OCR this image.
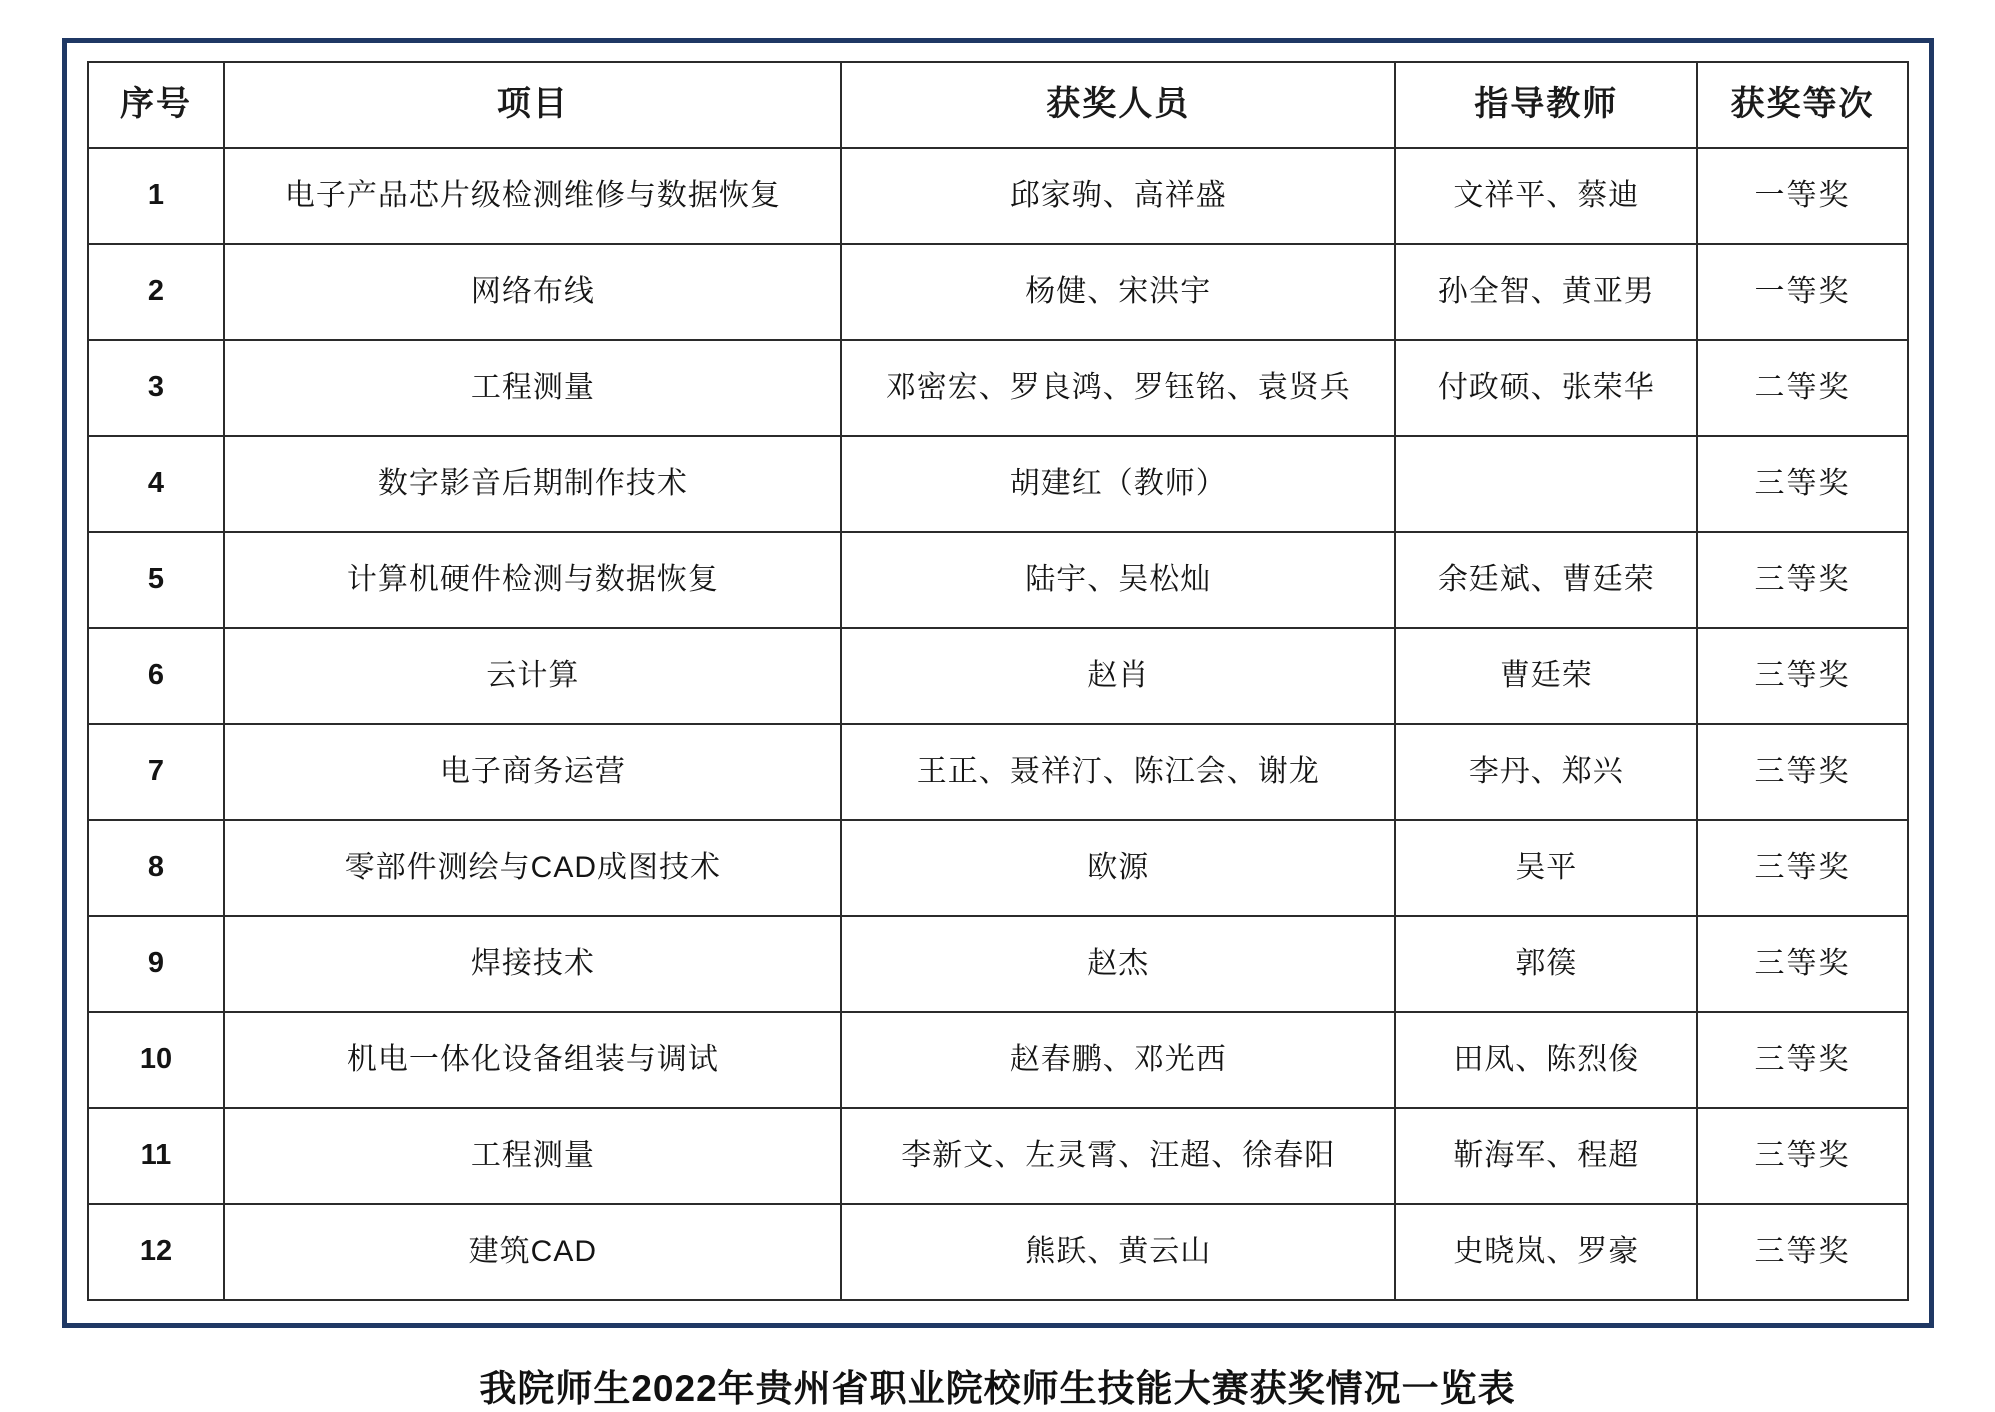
序号	项目	获奖人员	指导教师	获奖等次
1	电子产品芯片级检测维修与数据恢复	邱家驹、高祥盛	文祥平、蔡迪	一等奖
2	网络布线	杨健、宋洪宇	孙全智、黄亚男	一等奖
3	工程测量	邓密宏、罗良鸿、罗钰铭、袁贤兵	付政硕、张荣华	二等奖
4	数字影音后期制作技术	胡建红（教师）		三等奖
5	计算机硬件检测与数据恢复	陆宇、吴松灿	余廷斌、曹廷荣	三等奖
6	云计算	赵肖	曹廷荣	三等奖
7	电子商务运营	王正、聂祥汀、陈江会、谢龙	李丹、郑兴	三等奖
8	零部件测绘与CAD成图技术	欧源	吴平	三等奖
9	焊接技术	赵杰	郭篌	三等奖
10	机电一体化设备组装与调试	赵春鹏、邓光西	田凤、陈烈俊	三等奖
11	工程测量	李新文、左灵霄、汪超、徐春阳	靳海军、程超	三等奖
12	建筑CAD	熊跃、黄云山	史晓岚、罗豪	三等奖
我院师生2022年贵州省职业院校师生技能大赛获奖情况一览表
